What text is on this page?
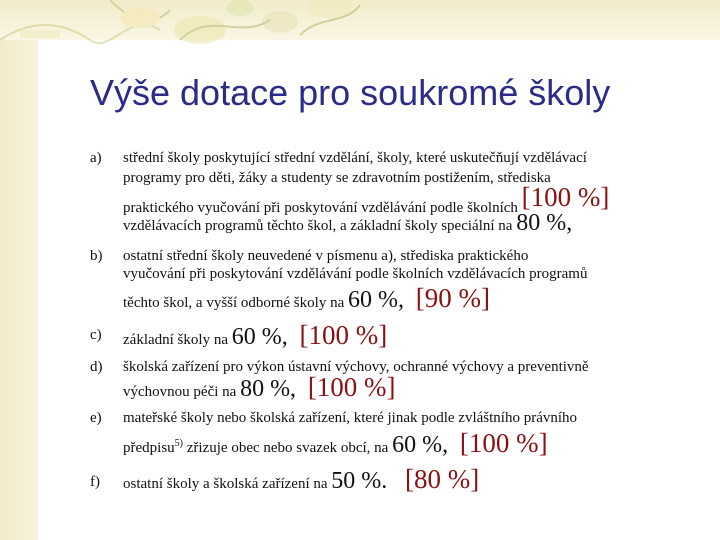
Výše dotace pro soukromé školy
a) střední školy poskytující střední vzdělání, školy, které uskutečňují vzdělávací
programy pro děti, žáky a studenty se zdravotním postižením, střediska
praktického vyučování při poskytování vzdělávání podle školních [100 %]
vzdělávacích programů těchto škol, a základní školy speciální na 80 %,
b) ostatní střední školy neuvedené v písmenu a), střediska praktického
vyučování při poskytování vzdělávání podle školních vzdělávacích programů
těchto škol, a vyšší odborné školy na 60 %, [90 %]
c) základní školy na 60 %, [100 %]
d) školská zařízení pro výkon ústavní výchovy, ochranné výchovy a preventivně
výchovnou péči na 80 %, [100 %]
e) mateřské školy nebo školská zařízení, které jinak podle zvláštního právního
předpisu$^{5)}$ zřizuje obec nebo svazek obcí, na 60 %, [100 %]
f) ostatní školy a školská zařízení na 50 %. [80 %]
